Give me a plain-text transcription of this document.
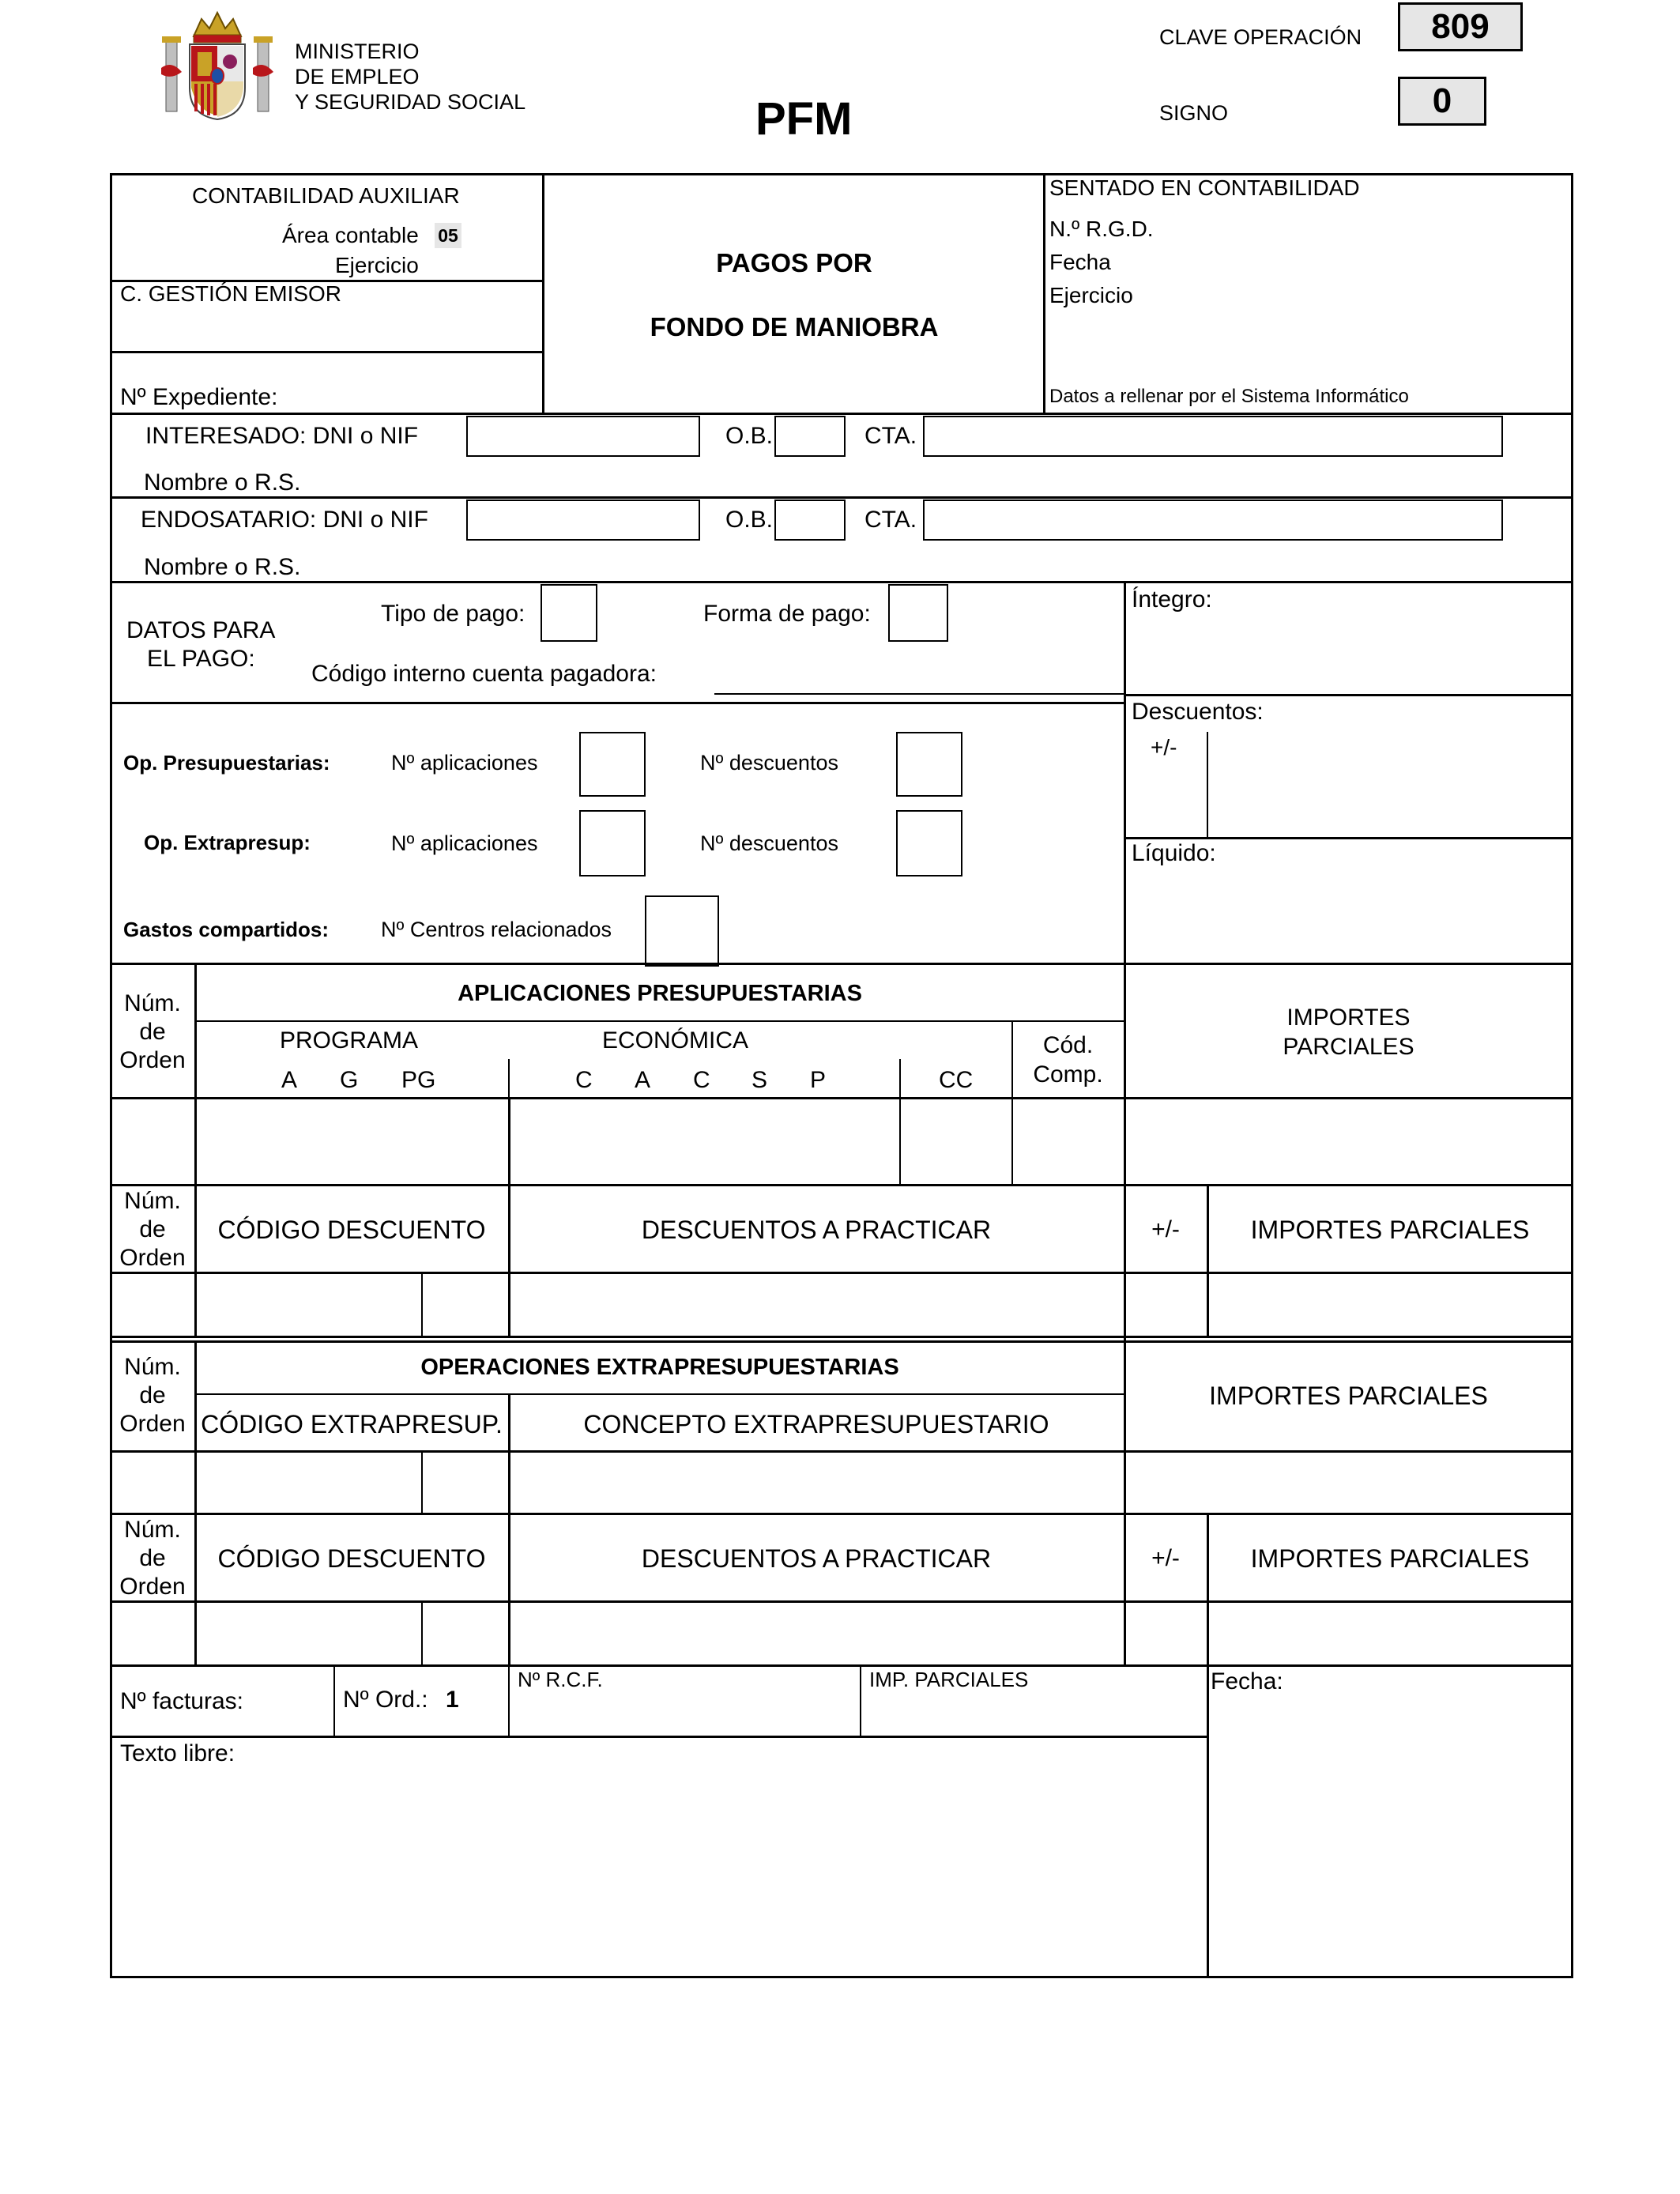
MINISTERIO
DE EMPLEO
Y SEGURIDAD SOCIAL	PFM
CLAVE OPERACIÓN	809
SIGNO	0
CONTABILIDAD AUXILIAR
Área contable 05
Ejercicio
C. GESTIÓN EMISOR
Nº Expediente:
PAGOS POR
FONDO DE MANIOBRA
SENTADO EN CONTABILIDAD
N.º R.G.D.
Fecha
Ejercicio
Datos a rellenar por el Sistema Informático
INTERESADO: DNI o NIF	O.B.	CTA.
Nombre o R.S.
ENDOSATARIO: DNI o NIF	O.B.	CTA.
Nombre o R.S.
DATOS PARA
EL PAGO:
Tipo de pago:	Forma de pago:
Código interno cuenta pagadora:
Íntegro:
Op. Presupuestarias:	Nº aplicaciones	Nº descuentos
Op. Extrapresup:	Nº aplicaciones	Nº descuentos
Gastos compartidos: Nº Centros relacionados
Descuentos:
+/-
Líquido:
Núm.
de
Orden
APLICACIONES PRESUPUESTARIAS
PROGRAMA
A G PG
ECONÓMICA
C A C S P	CC
Cód.
Comp.
IMPORTES
PARCIALES
Núm.
de
Orden
CÓDIGO DESCUENTO	DESCUENTOS A PRACTICAR	+/-	IMPORTES PARCIALES
Núm.
de
Orden
OPERACIONES EXTRAPRESUPUESTARIAS
CÓDIGO EXTRAPRESUP.	CONCEPTO EXTRAPRESUPUESTARIO
IMPORTES PARCIALES
Núm.
de
Orden
CÓDIGO DESCUENTO	DESCUENTOS A PRACTICAR	+/-	IMPORTES PARCIALES
Nº facturas:	Nº Ord.: 1
Nº R.C.F.	IMP. PARCIALES	Fecha:
Texto libre:
